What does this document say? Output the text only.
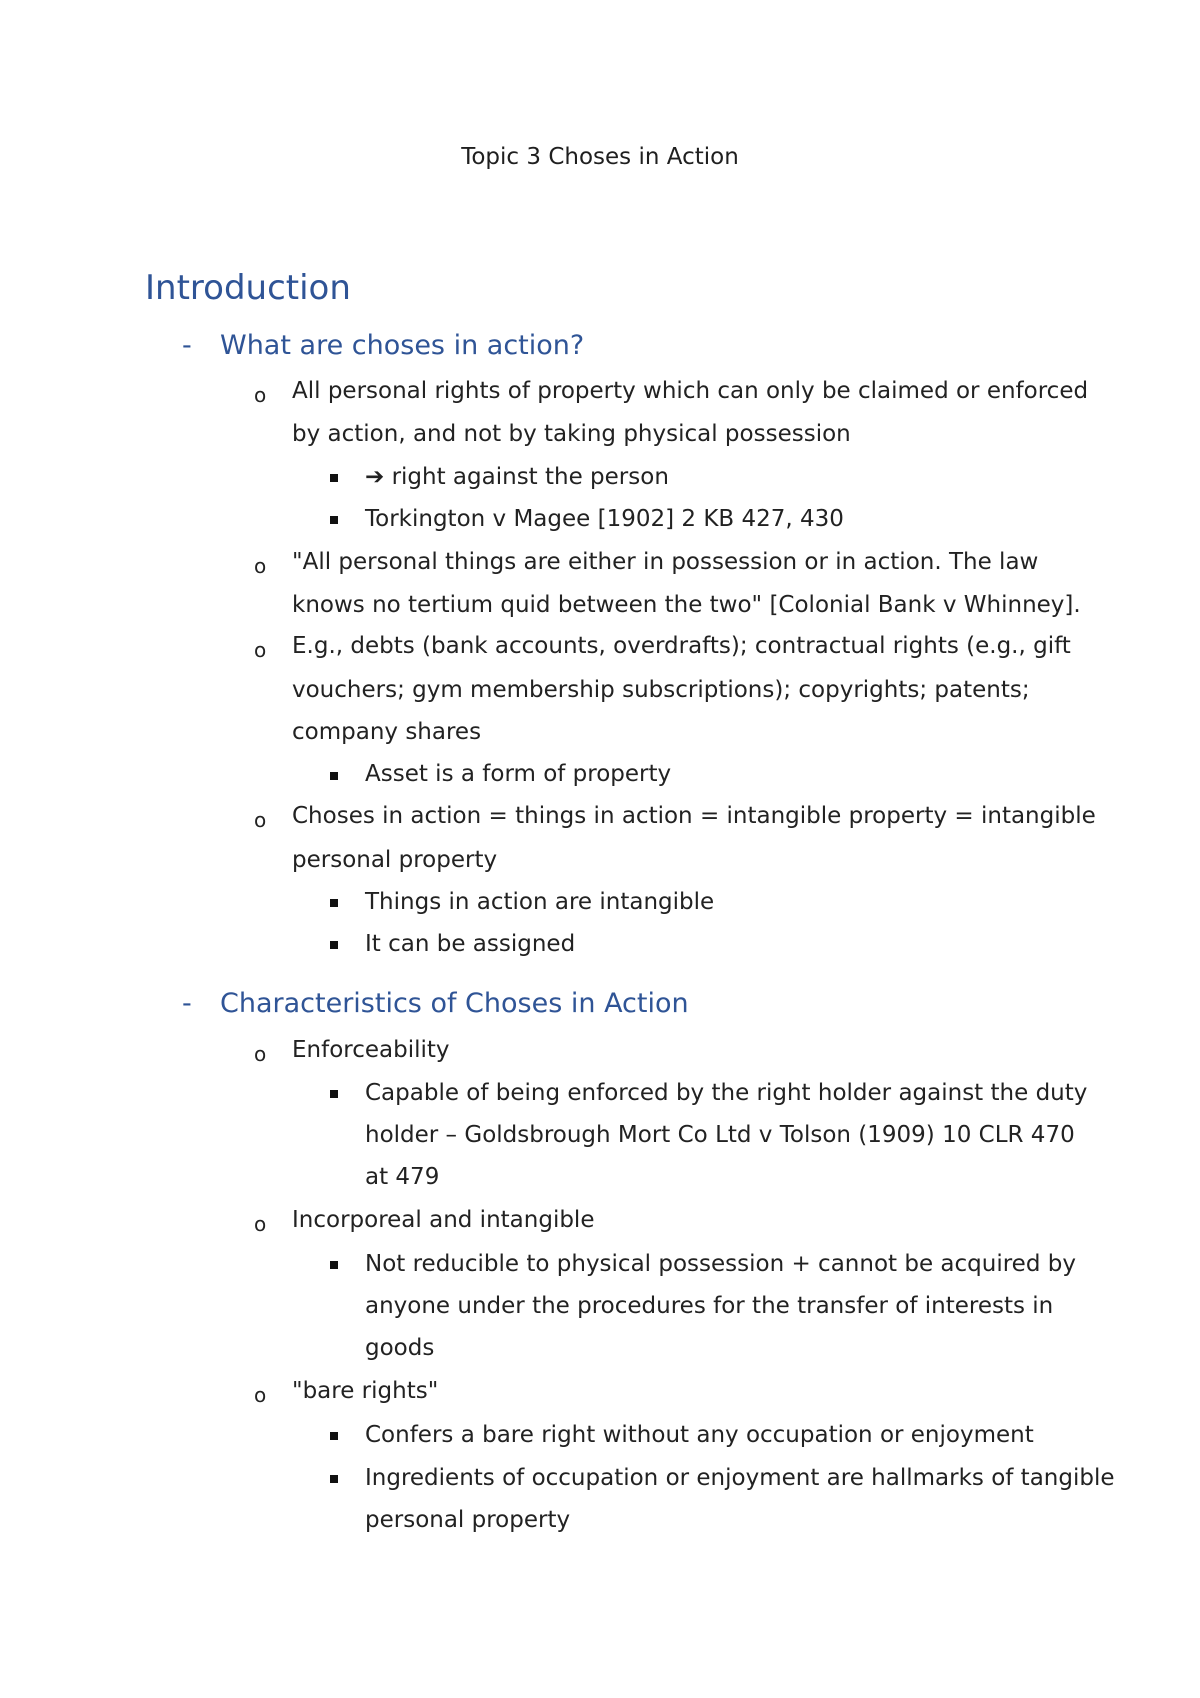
Topic 3 Choses in Action
Introduction
- What are choses in action?
o All personal rights of property which can only be claimed or enforced
by action, and not by taking physical possession
➔ right against the person
Torkington v Magee [1902] 2 KB 427, 430
o "All personal things are either in possession or in action. The law
knows no tertium quid between the two" [Colonial Bank v Whinney].
o E.g., debts (bank accounts, overdrafts); contractual rights (e.g., gift
vouchers; gym membership subscriptions); copyrights; patents;
company shares
Asset is a form of property
o Choses in action = things in action = intangible property = intangible
personal property
Things in action are intangible
It can be assigned
- Characteristics of Choses in Action
o Enforceability
Capable of being enforced by the right holder against the duty
holder – Goldsbrough Mort Co Ltd v Tolson (1909) 10 CLR 470
at 479
o Incorporeal and intangible
Not reducible to physical possession + cannot be acquired by
anyone under the procedures for the transfer of interests in
goods
o "bare rights"
Confers a bare right without any occupation or enjoyment
Ingredients of occupation or enjoyment are hallmarks of tangible
personal property
